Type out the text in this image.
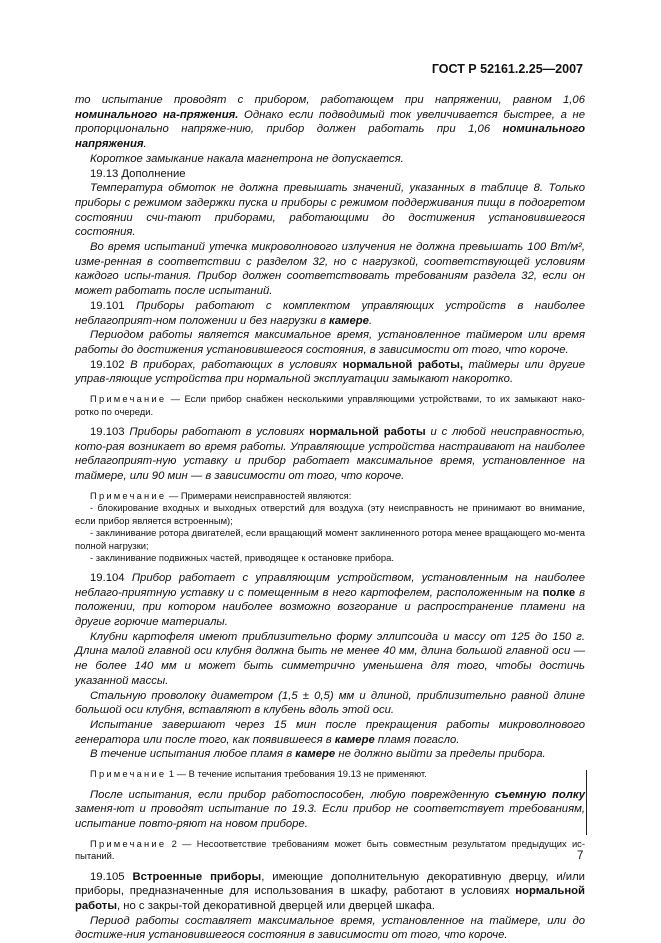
ГОСТ Р 52161.2.25—2007

то испытание проводят с прибором, работающем при напряжении, равном 1,06 номинального на-пряжения. Однако если подводимый ток увеличивается быстрее, а не пропорционально напряже-нию, прибор должен работать при 1,06 номинального напряжения.

Короткое замыкание накала магнетрона не допускается.

19.13 Дополнение

Температура обмоток не должна превышать значений, указанных в таблице 8. Только приборы с режимом задержки пуска и приборы с режимом поддерживания пищи в подогретом состоянии счи-тают приборами, работающими до достижения установившегося состояния.

Во время испытаний утечка микроволнового излучения не должна превышать 100 Вт/м², изме-ренная в соответствии с разделом 32, но с нагрузкой, соответствующей условиям каждого испы-тания. Прибор должен соответствовать требованиям раздела 32, если он может работать после испытаний.

19.101 Приборы работают с комплектом управляющих устройств в наиболее неблагоприят-ном положении и без нагрузки в камере.

Периодом работы является максимальное время, установленное таймером или время работы до достижения установившегося состояния, в зависимости от того, что короче.

19.102 В приборах, работающих в условиях нормальной работы, таймеры или другие управ-ляющие устройства при нормальной эксплуатации замыкают накоротко.

Примечание — Если прибор снабжен несколькими управляющими устройствами, то их замыкают нако-ротко по очереди.

19.103 Приборы работают в условиях нормальной работы и с любой неисправностью, кото-рая возникает во время работы. Управляющие устройства настраивают на наиболее неблагоприят-ную уставку и прибор работает максимальное время, установленное на таймере, или 90 мин — в зависимости от того, что короче.

Примечание — Примерами неисправностей являются:

- блокирование входных и выходных отверстий для воздуха (эту неисправность не принимают во внимание, если прибор является встроенным);

- заклинивание ротора двигателей, если вращающий момент заклиненного ротора менее вращающего мо-мента полной нагрузки;

- заклинивание подвижных частей, приводящее к остановке прибора.

19.104 Прибор работает с управляющим устройством, установленным на наиболее неблаго-приятную уставку и с помещенным в него картофелем, расположенным на полке в положении, при котором наиболее возможно возгорание и распространение пламени на другие горючие материалы.

Клубни картофеля имеют приблизительно форму эллипсоида и массу от 125 до 150 г. Длина малой главной оси клубня должна быть не менее 40 мм, длина большой главной оси — не более 140 мм и может быть симметрично уменьшена для того, чтобы достичь указанной массы.

Стальную проволоку диаметром (1,5 ± 0,5) мм и длиной, приблизительно равной длине большой оси клубня, вставляют в клубень вдоль этой оси.

Испытание завершают через 15 мин после прекращения работы микроволнового генератора или после того, как появившееся в камере пламя погасло.

В течение испытания любое пламя в камере не должно выйти за пределы прибора.

Примечание 1 — В течение испытания требования 19.13 не применяют.

После испытания, если прибор работоспособен, любую поврежденную съемную полку заменя-ют и проводят испытание по 19.3. Если прибор не соответствует требованиям, испытание повто-ряют на новом приборе.

Примечание 2 — Несоответствие требованиям может быть совместным результатом предыдущих ис-пытаний.

19.105 Встроенные приборы, имеющие дополнительную декоративную дверцу, и/или приборы, предназначенные для использования в шкафу, работают в условиях нормальной работы, но с закры-той декоративной дверцей или дверцей шкафа.

Период работы составляет максимальное время, установленное на таймере, или до достиже-ния установившегося состояния в зависимости от того, что короче.

7
